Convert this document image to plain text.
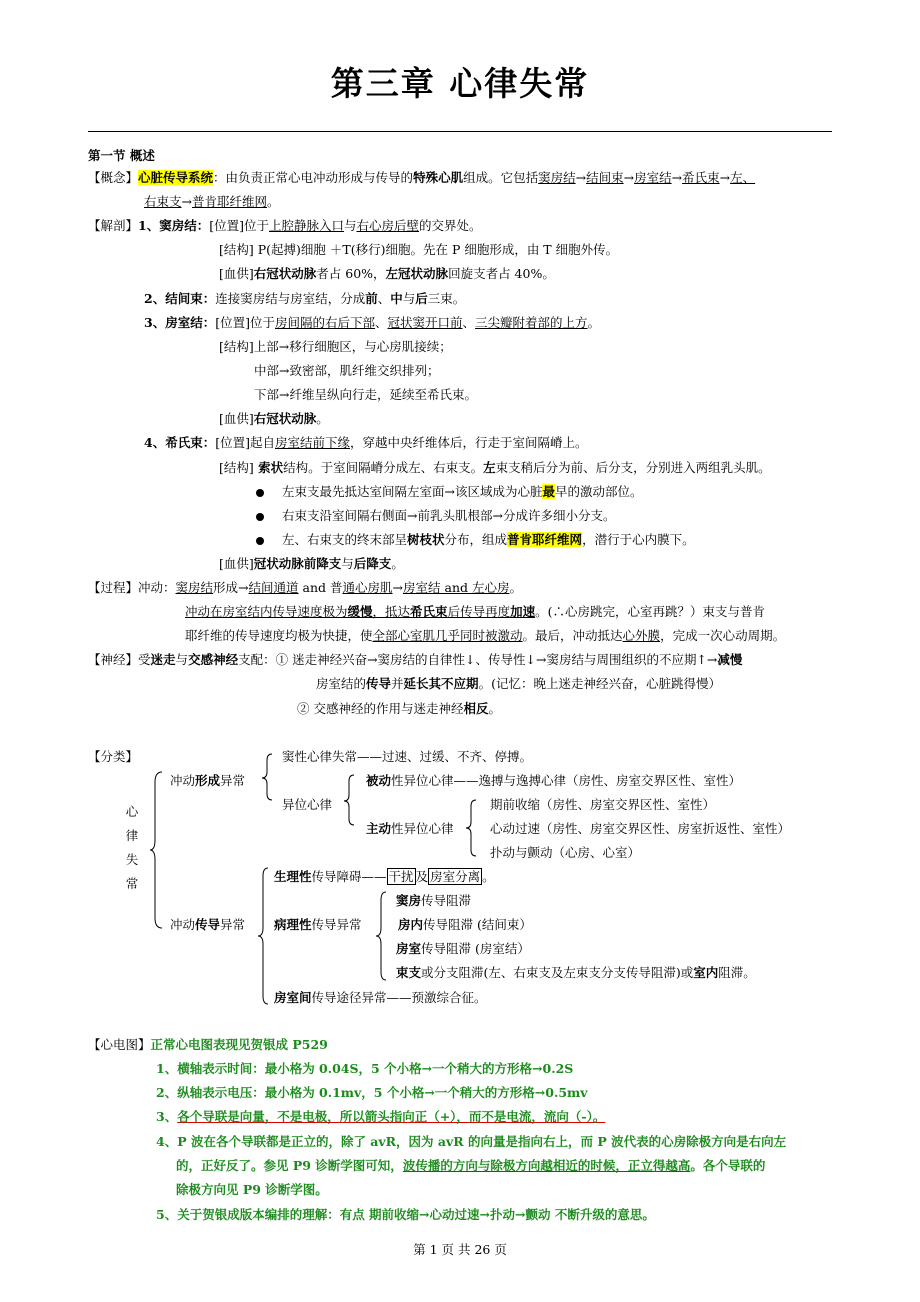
第三章 心律失常
第一节 概述
【概念】心脏传导系统：由负责正常心电冲动形成与传导的特殊心肌组成。它包括窦房结→结间束→房室结→希氏束→左、
右束支→普肯耶纤维网。
【解剖】1、窦房结：[位置]位于上腔静脉入口与右心房后壁的交界处。
[结构] P(起搏)细胞 ＋T(移行)细胞。先在 P 细胞形成，由 T 细胞外传。
[血供]右冠状动脉者占 60%，左冠状动脉回旋支者占 40%。
2、结间束：连接窦房结与房室结，分成前、中与后三束。
3、房室结：[位置]位于房间隔的右后下部、冠状窦开口前、三尖瓣附着部的上方。
[结构]上部→移行细胞区，与心房肌接续；
中部→致密部，肌纤维交织排列；
下部→纤维呈纵向行走，延续至希氏束。
[血供]右冠状动脉。
4、希氏束：[位置]起自房室结前下缘，穿越中央纤维体后，行走于室间隔嵴上。
[结构] 索状结构。于室间隔嵴分成左、右束支。左束支稍后分为前、后分支，分别进入两组乳头肌。
左束支最先抵达室间隔左室面→该区域成为心脏最早的激动部位。
右束支沿室间隔右侧面→前乳头肌根部→分成许多细小分支。
左、右束支的终末部呈树枝状分布，组成普肯耶纤维网，潜行于心内膜下。
[血供]冠状动脉前降支与后降支。
【过程】冲动：窦房结形成→结间通道 and 普通心房肌→房室结 and 左心房。
冲动在房室结内传导速度极为缓慢，抵达希氏束后传导再度加速。(∴心房跳完，心室再跳？）束支与普肯
耶纤维的传导速度均极为快捷，使全部心室肌几乎同时被激动。最后，冲动抵达心外膜，完成一次心动周期。
【神经】受迷走与交感神经支配：① 迷走神经兴奋→窦房结的自律性↓、传导性↓→窦房结与周围组织的不应期↑→减慢
房室结的传导并延长其不应期。(记忆：晚上迷走神经兴奋，心脏跳得慢）
② 交感神经的作用与迷走神经相反。
【分类】
心
律
失
常
冲动形成异常
窦性心律失常——过速、过缓、不齐、停搏。
异位心律
被动性异位心律——逸搏与逸搏心律（房性、房室交界区性、室性）
主动性异位心律
期前收缩（房性、房室交界区性、室性）
心动过速（房性、房室交界区性、房室折返性、室性）
扑动与颤动（心房、心室）
冲动传导异常
生理性传导障碍—— 干扰 及 房室分离 。
病理性传导异常
窦房传导阻滞
房内传导阻滞 (结间束）
房室传导阻滞 (房室结）
束支或分支阻滞(左、右束支及左束支分支传导阻滞)或室内阻滞。
房室间传导途径异常——预激综合征。
【心电图】正常心电图表现见贺银成 P529
1、横轴表示时间：最小格为 0.04S，5 个小格→一个稍大的方形格→0.2S
2、纵轴表示电压：最小格为 0.1mv，5 个小格→一个稍大的方形格→0.5mv
3、各个导联是向量，不是电极，所以箭头指向正（+），而不是电流，流向（-）。
4、P 波在各个导联都是正立的，除了 avR，因为 avR 的向量是指向右上，而 P 波代表的心房除极方向是右向左
的，正好反了。参见 P9 诊断学图可知，波传播的方向与除极方向越相近的时候，正立得越高。各个导联的
除极方向见 P9 诊断学图。
5、关于贺银成版本编排的理解：有点 期前收缩→心动过速→扑动→颤动 不断升级的意思。
第 1 页 共 26 页
